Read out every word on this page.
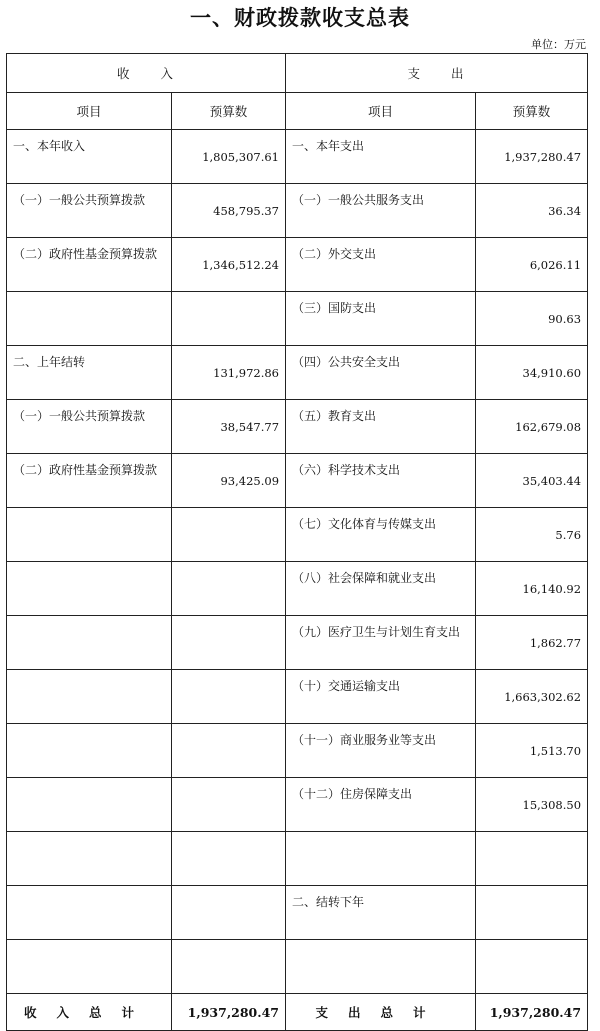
一、财政拨款收支总表
单位：万元
收　　入		支　　出	
项目	预算数	项目	预算数
一、本年收入	1,805,307.61	一、本年支出	1,937,280.47
（一）一般公共预算拨款	458,795.37	（一）一般公共服务支出	36.34
（二）政府性基金预算拨款	1,346,512.24	（二）外交支出	6,026.11
		（三）国防支出	90.63
二、上年结转	131,972.86	（四）公共安全支出	34,910.60
（一）一般公共预算拨款	38,547.77	（五）教育支出	162,679.08
（二）政府性基金预算拨款	93,425.09	（六）科学技术支出	35,403.44
		（七）文化体育与传媒支出	5.76
		（八）社会保障和就业支出	16,140.92
		（九）医疗卫生与计划生育支出	1,862.77
		（十）交通运输支出	1,663,302.62
		（十一）商业服务业等支出	1,513.70
		（十二）住房保障支出	15,308.50

		二、结转下年	

收入总计	1,937,280.47	支出总计	1,937,280.47
